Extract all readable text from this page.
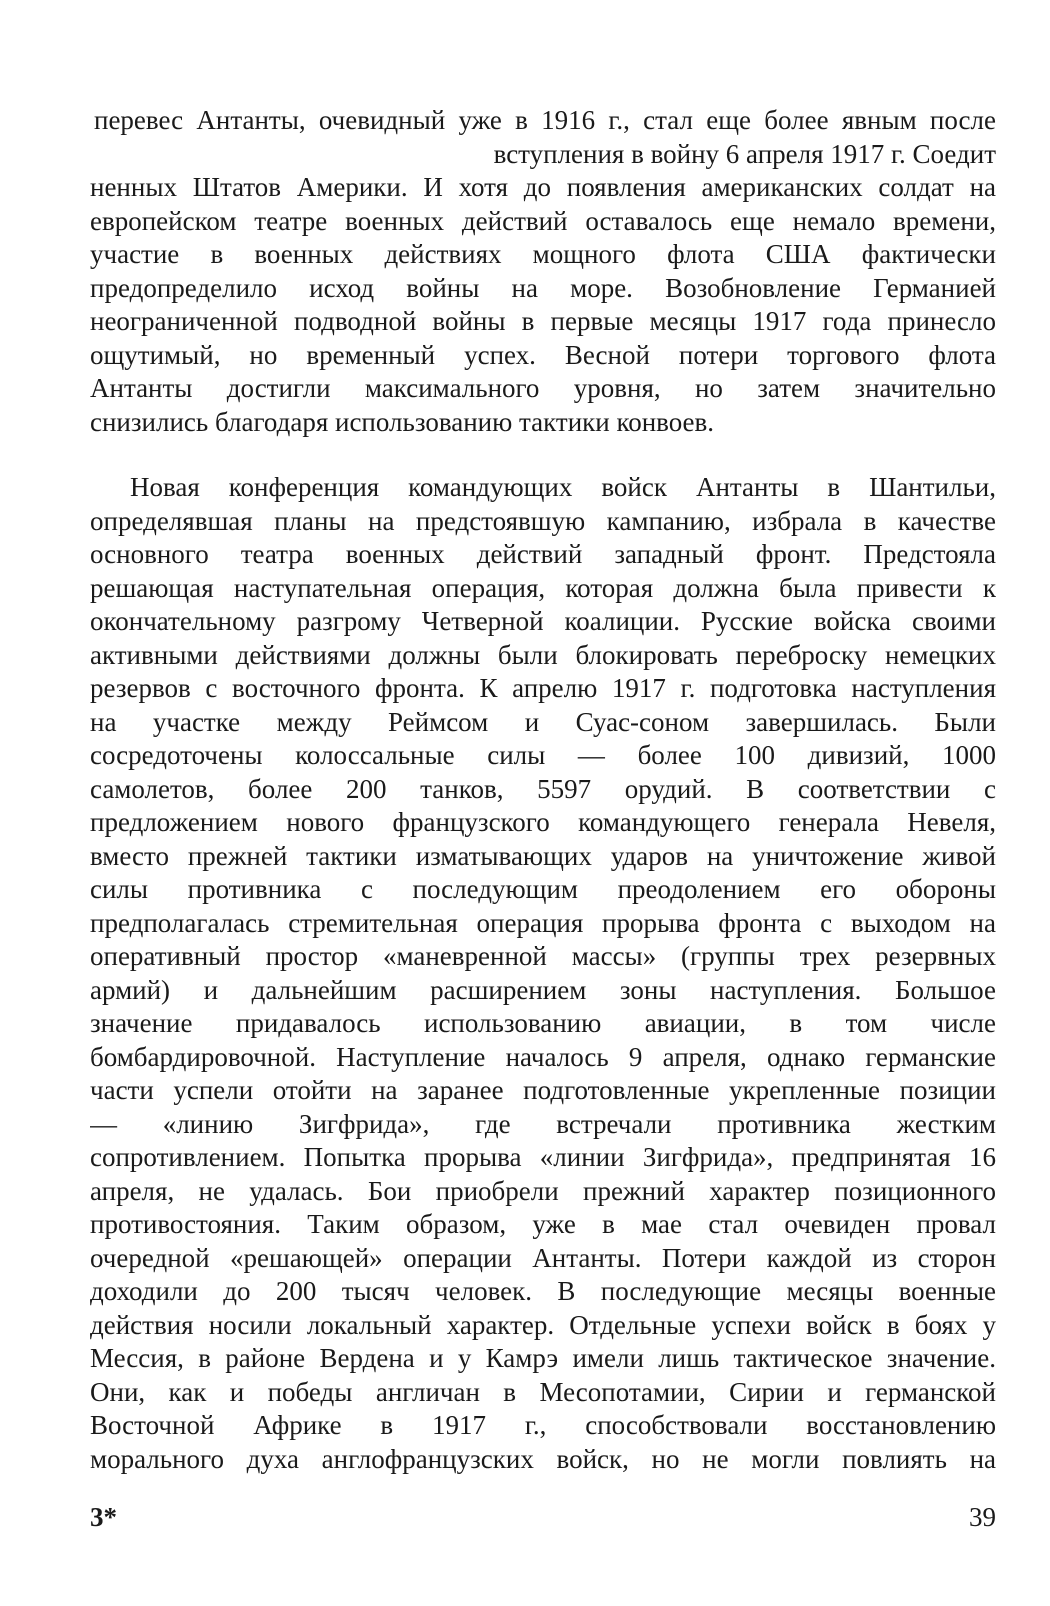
перевес Антанты, очевидный уже в 1916 г., стал еще более явным после
вступления в войну 6 апреля 1917 г. Соедит
ненных Штатов Америки. И хотя до появления американских солдат на
европейском театре военных действий оставалось еще немало времени,
участие в военных действиях мощного флота США фактически
предопределило исход войны на море. Возобновление Германией
неограниченной подводной войны в первые месяцы 1917 года принесло
ощутимый, но временный успех. Весной потери торгового флота
Антанты достигли максимального уровня, но затем значительно
снизились благодаря использованию тактики конвоев.
Новая конференция командующих войск Антанты в Шантильи,
определявшая планы на предстоявшую кампанию, избрала в качестве
основного театра военных действий западный фронт. Предстояла
решающая наступательная операция, которая должна была привести к
окончательному разгрому Четверной коалиции. Русские войска своими
активными действиями должны были блокировать переброску немецких
резервов с восточного фронта. К апрелю 1917 г. подготовка наступления
на участке между Реймсом и Суас-соном завершилась. Были
сосредоточены колоссальные силы — более 100 дивизий, 1000
самолетов, более 200 танков, 5597 орудий. В соответствии с
предложением нового французского командующего генерала Невеля,
вместо прежней тактики изматывающих ударов на уничтожение живой
силы противника с последующим преодолением его обороны
предполагалась стремительная операция прорыва фронта с выходом на
оперативный простор «маневренной массы» (группы трех резервных
армий) и дальнейшим расширением зоны наступления. Большое
значение придавалось использованию авиации, в том числе
бомбардировочной. Наступление началось 9 апреля, однако германские
части успели отойти на заранее подготовленные укрепленные позиции
— «линию Зигфрида», где встречали противника жестким
сопротивлением. Попытка прорыва «линии Зигфрида», предпринятая 16
апреля, не удалась. Бои приобрели прежний характер позиционного
противостояния. Таким образом, уже в мае стал очевиден провал
очередной «решающей» операции Антанты. Потери каждой из сторон
доходили до 200 тысяч человек. В последующие месяцы военные
действия носили локальный характер. Отдельные успехи войск в боях у
Мессия, в районе Вердена и у Камрэ имели лишь тактическое значение.
Они, как и победы англичан в Месопотамии, Сирии и германской
Восточной Африке в 1917 г., способствовали восстановлению
морального духа англофранцузских войск, но не могли повлиять на
3*	39
